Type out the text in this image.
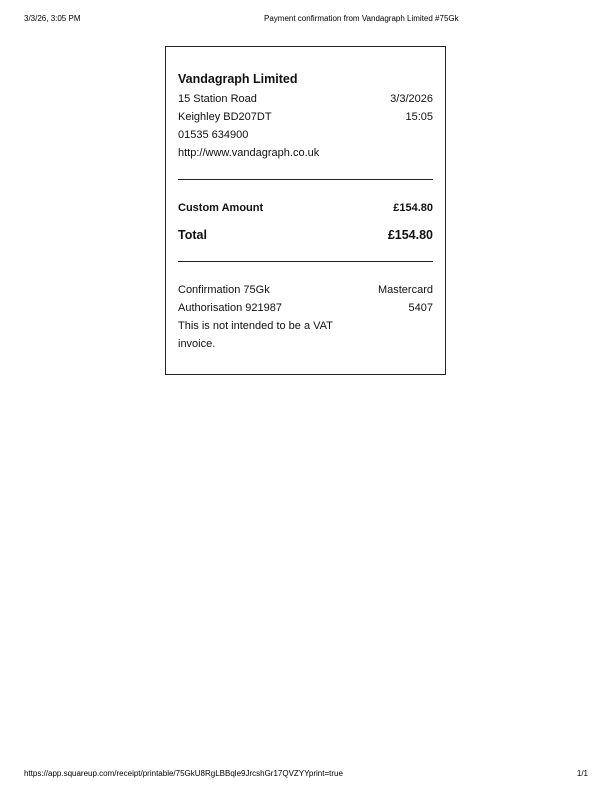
3/3/26, 3:05 PM	Payment confirmation from Vandagraph Limited #75Gk
Vandagraph Limited
15 Station Road	3/3/2026
Keighley BD207DT	15:05
01535 634900
http://www.vandagraph.co.uk
Custom Amount	£154.80
Total	£154.80
Confirmation 75Gk	Mastercard
Authorisation 921987	5407
This is not intended to be a VAT
invoice.
https://app.squareup.com/receipt/printable/75GkU8RgLBBqle9JrcshGr17QVZYYprint=true	1/1
